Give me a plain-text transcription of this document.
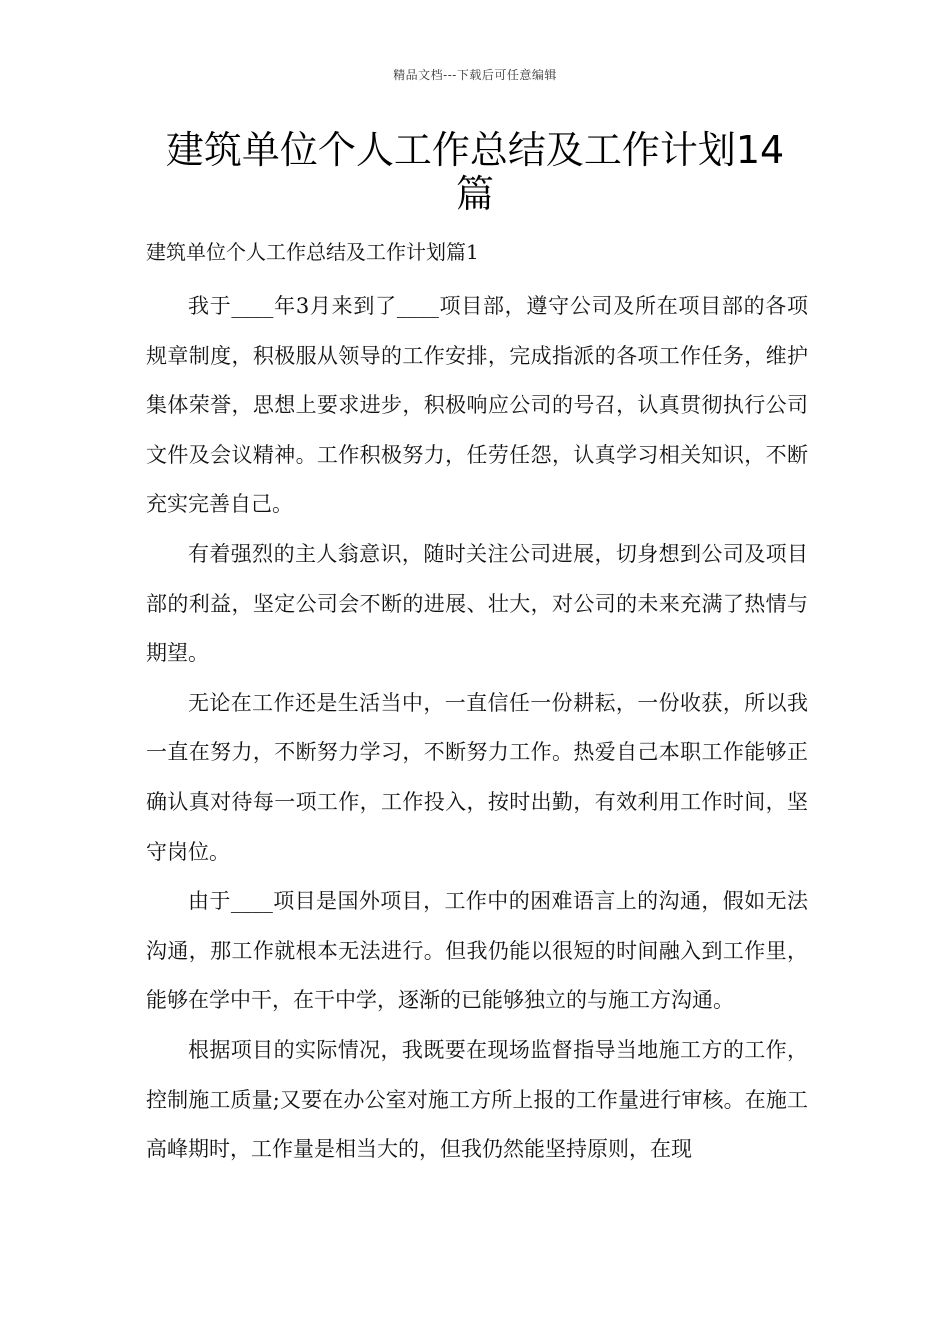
精品文档---下载后可任意编辑
建筑单位个人工作总结及工作计划14篇

建筑单位个人工作总结及工作计划篇1

我于____年3月来到了____项目部，遵守公司及所在项目部的各项规章制度，积极服从领导的工作安排，完成指派的各项工作任务，维护集体荣誉，思想上要求进步，积极响应公司的号召，认真贯彻执行公司文件及会议精神。工作积极努力，任劳任怨，认真学习相关知识，不断充实完善自己。

有着强烈的主人翁意识，随时关注公司进展，切身想到公司及项目部的利益，坚定公司会不断的进展、壮大，对公司的未来充满了热情与期望。

无论在工作还是生活当中，一直信任一份耕耘，一份收获，所以我一直在努力，不断努力学习，不断努力工作。热爱自己本职工作能够正确认真对待每一项工作，工作投入，按时出勤，有效利用工作时间，坚守岗位。

由于____项目是国外项目，工作中的困难语言上的沟通，假如无法沟通，那工作就根本无法进行。但我仍能以很短的时间融入到工作里，能够在学中干，在干中学，逐渐的已能够独立的与施工方沟通。

根据项目的实际情况，我既要在现场监督指导当地施工方的工作，控制施工质量;又要在办公室对施工方所上报的工作量进行审核。在施工高峰期时，工作量是相当大的，但我仍然能坚持原则，在现
